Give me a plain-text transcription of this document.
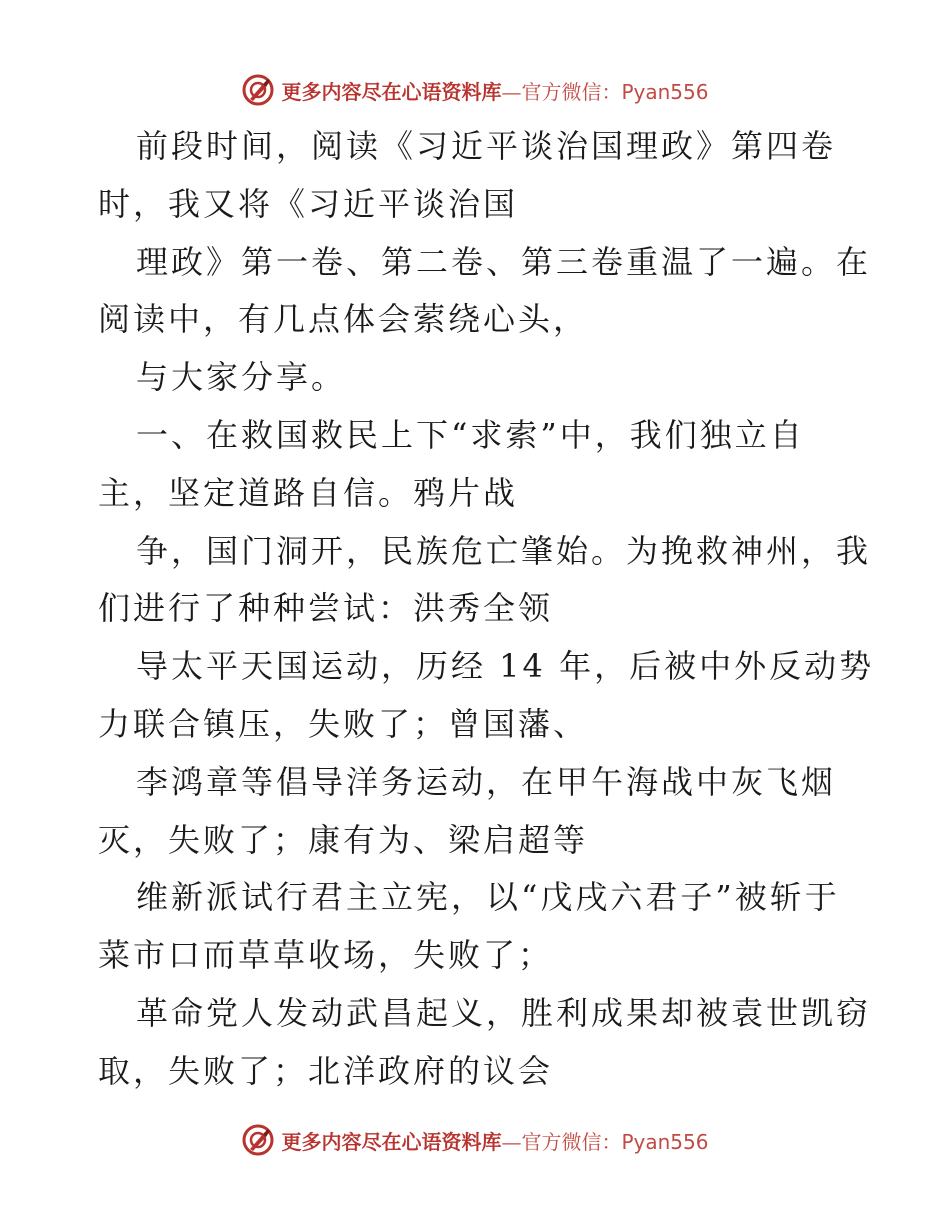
更多内容尽在心语资料库—官方微信：Pyan556
前段时间，阅读《习近平谈治国理政》第四卷
时，我又将《习近平谈治国
理政》第一卷、第二卷、第三卷重温了一遍。在
阅读中，有几点体会萦绕心头，
与大家分享。
一、在救国救民上下“求索”中，我们独立自
主，坚定道路自信。鸦片战
争，国门洞开，民族危亡肇始。为挽救神州，我
们进行了种种尝试：洪秀全领
导太平天国运动，历经 14 年，后被中外反动势
力联合镇压，失败了；曾国藩、
李鸿章等倡导洋务运动，在甲午海战中灰飞烟
灭，失败了；康有为、梁启超等
维新派试行君主立宪，以“戊戌六君子”被斩于
菜市口而草草收场，失败了；
革命党人发动武昌起义，胜利成果却被袁世凯窃
取，失败了；北洋政府的议会
更多内容尽在心语资料库—官方微信：Pyan556
